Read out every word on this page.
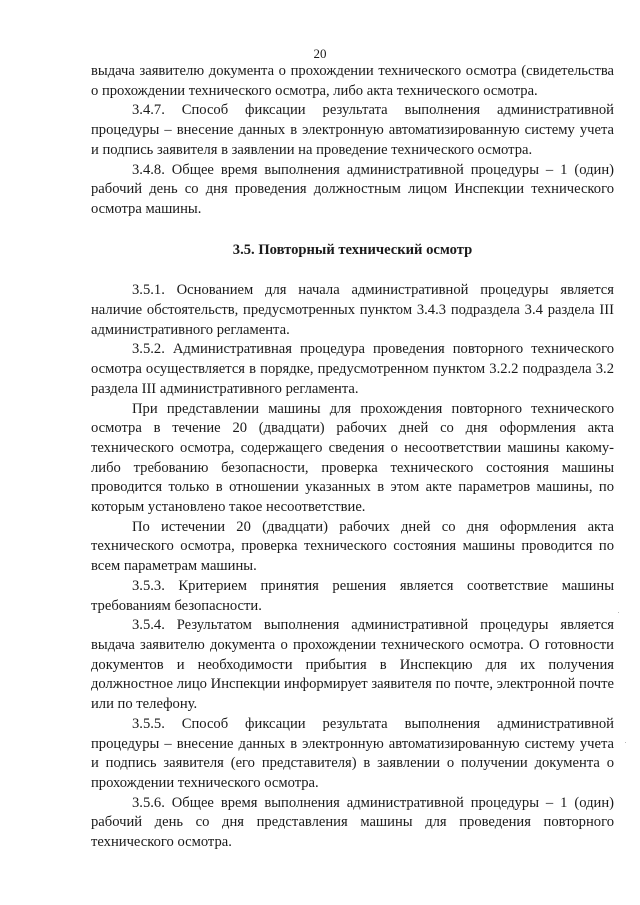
20

выдача заявителю документа о прохождении технического осмотра (свидетельства о прохождении технического осмотра, либо акта технического осмотра.

3.4.7. Способ фиксации результата выполнения административной процедуры – внесение данных в электронную автоматизированную систему учета и подпись заявителя в заявлении на проведение технического осмотра.

3.4.8. Общее время выполнения административной процедуры – 1 (один) рабочий день со дня проведения должностным лицом Инспекции технического осмотра машины.

3.5. Повторный технический осмотр

3.5.1. Основанием для начала административной процедуры является наличие обстоятельств, предусмотренных пунктом 3.4.3 подраздела 3.4 раздела III административного регламента.

3.5.2. Административная процедура проведения повторного технического осмотра осуществляется в порядке, предусмотренном пунктом 3.2.2 подраздела 3.2 раздела III административного регламента.

При представлении машины для прохождения повторного технического осмотра в течение 20 (двадцати) рабочих дней со дня оформления акта технического осмотра, содержащего сведения о несоответствии машины какому-либо требованию безопасности, проверка технического состояния машины проводится только в отношении указанных в этом акте параметров машины, по которым установлено такое несоответствие.

По истечении 20 (двадцати) рабочих дней со дня оформления акта технического осмотра, проверка технического состояния машины проводится по всем параметрам машины.

3.5.3. Критерием принятия решения является соответствие машины требованиям безопасности.

3.5.4. Результатом выполнения административной процедуры является выдача заявителю документа о прохождении технического осмотра. О готовности документов и необходимости прибытия в Инспекцию для их получения должностное лицо Инспекции информирует заявителя по почте, электронной почте или по телефону.

3.5.5. Способ фиксации результата выполнения административной процедуры – внесение данных в электронную автоматизированную систему учета и подпись заявителя (его представителя) в заявлении о получении документа о прохождении технического осмотра.

3.5.6. Общее время выполнения административной процедуры – 1 (один) рабочий день со дня представления машины для проведения повторного технического осмотра.
